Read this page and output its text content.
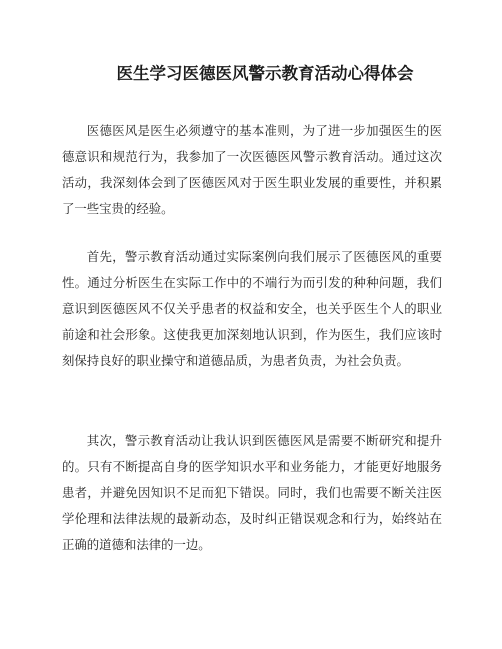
医生学习医德医风警示教育活动心得体会

医德医风是医生必须遵守的基本准则，为了进一步加强医生的医德意识和规范行为，我参加了一次医德医风警示教育活动。通过这次活动，我深刻体会到了医德医风对于医生职业发展的重要性，并积累了一些宝贵的经验。

首先，警示教育活动通过实际案例向我们展示了医德医风的重要性。通过分析医生在实际工作中的不端行为而引发的种种问题，我们意识到医德医风不仅关乎患者的权益和安全，也关乎医生个人的职业前途和社会形象。这使我更加深刻地认识到，作为医生，我们应该时刻保持良好的职业操守和道德品质，为患者负责，为社会负责。

其次，警示教育活动让我认识到医德医风是需要不断研究和提升的。只有不断提高自身的医学知识水平和业务能力，才能更好地服务患者，并避免因知识不足而犯下错误。同时，我们也需要不断关注医学伦理和法律法规的最新动态，及时纠正错误观念和行为，始终站在正确的道德和法律的一边。
